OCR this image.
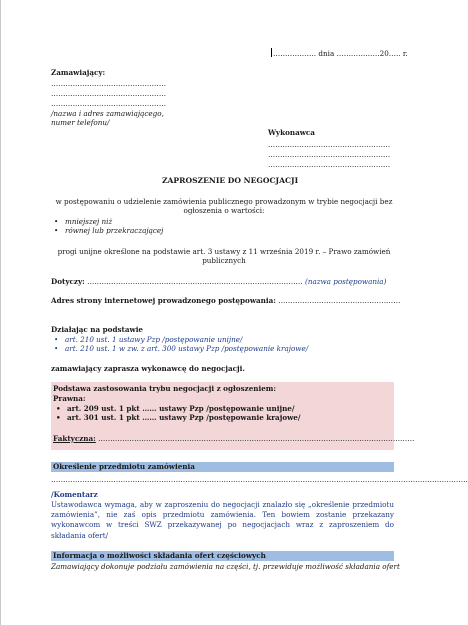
……………… dnia ………………20….. r.
Zamawiający:
…………………………………………
…………………………………………
…………………………………………
/nazwa i adres zamawiającego,
numer telefonu/
Wykonawca
……………………………………………
……………………………………………
……………………………………………
ZAPROSZENIE DO NEGOCJACJI
w postępowaniu o udzielenie zamówienia publicznego prowadzonym w trybie negocjacji bez ogłoszenia o wartości:
• mniejszej niż
• równej lub przekraczającej
progi unijne określone na podstawie art. 3 ustawy z 11 września 2019 r. – Prawo zamówień publicznych
Dotyczy: ……………………………………………………………………………… (nazwa postępowania)
Adres strony internetowej prowadzonego postępowania: ……………………………………………
Działając na podstawie
• art. 210 ust. 1 ustawy Pzp /postępowanie unijne/
• art. 210 ust. 1 w zw. z art. 300 ustawy Pzp /postępowanie krajowe/
zamawiający zaprasza wykonawcę do negocjacji.
Podstawa zastosowania trybu negocjacji z ogłoszeniem:
Prawna:
• art. 209 ust. 1 pkt …… ustawy Pzp /postępowanie unijne/
• art. 301 ust. 1 pkt …… ustawy Pzp /postępowanie krajowe/
Faktyczna: ……………………………………………………………………………………………………………………
Określenie przedmiotu zamówienia
…………………………………………………………………………………………………………………………………………………………
/Komentarz
Ustawodawca wymaga, aby w zaproszeniu do negocjacji znalazło się „określenie przedmiotu zamówienia”, nie zaś opis przedmiotu zamówienia. Ten bowiem zostanie przekazany wykonawcom w treści SWZ przekazywanej po negocjacjach wraz z zaproszeniem do składania ofert/
Informacja o możliwości składania ofert częściowych
Zamawiający dokonuje podziału zamówienia na części, tj. przewiduje możliwość składania ofert
